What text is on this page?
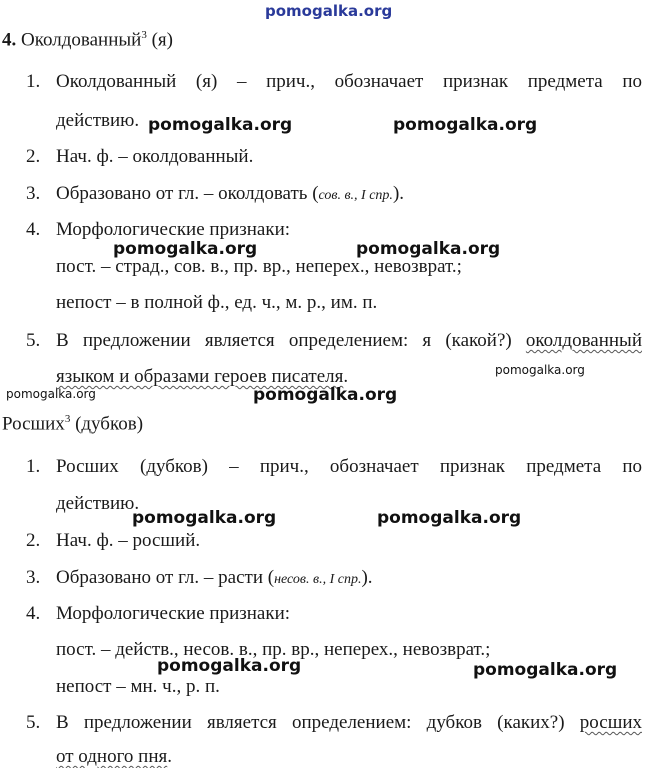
pomogalka.org
4. Околдованный$^3$ (я)
1. Околдованный (я) – прич., обозначает признак предмета по
действию.
2. Нач. ф. – околдованный.
3. Образовано от гл. – околдовать (сов. в., I спр.).
4. Морфологические признаки:
пост. – страд., сов. в., пр. вр., неперех., невозврат.;
непост – в полной ф., ед. ч., м. р., им. п.
5. В предложении является определением: я (какой?) околдованный
языком и образами героев писателя.
Росших$^3$ (дубков)
1. Росших (дубков) – прич., обозначает признак предмета по
действию.
2. Нач. ф. – росший.
3. Образовано от гл. – расти (несов. в., I спр.).
4. Морфологические признаки:
пост. – действ., несов. в., пр. вр., неперех., невозврат.;
непост – мн. ч., р. п.
5. В предложении является определением: дубков (каких?) росших
от одного пня.
pomogalka.org	pomogalka.org
pomogalka.org	pomogalka.org
pomogalka.org
pomogalka.org	pomogalka.org
pomogalka.org	pomogalka.org
pomogalka.org	pomogalka.org
